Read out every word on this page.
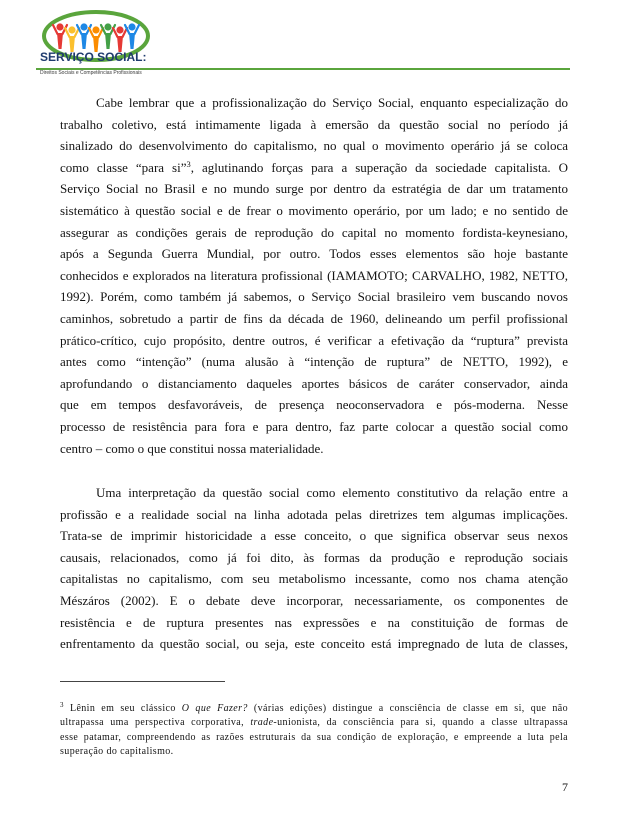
SERVIÇO SOCIAL:
Direitos Sociais e Competências Profissionais
Cabe lembrar que a profissionalização do Serviço Social, enquanto especialização do
trabalho coletivo, está intimamente ligada à emersão da questão social no período já
sinalizado do desenvolvimento do capitalismo, no qual o movimento operário já se coloca
como classe “para si”$^3$, aglutinando forças para a superação da sociedade capitalista. O
Serviço Social no Brasil e no mundo surge por dentro da estratégia de dar um tratamento
sistemático à questão social e de frear o movimento operário, por um lado; e no sentido de
assegurar as condições gerais de reprodução do capital no momento fordista-keynesiano,
após a Segunda Guerra Mundial, por outro. Todos esses elementos são hoje bastante
conhecidos e explorados na literatura profissional (IAMAMOTO; CARVALHO, 1982, NETTO,
1992). Porém, como também já sabemos, o Serviço Social brasileiro vem buscando novos
caminhos, sobretudo a partir de fins da década de 1960, delineando um perfil profissional
prático-crítico, cujo propósito, dentre outros, é verificar a efetivação da “ruptura” prevista
antes como “intenção” (numa alusão à “intenção de ruptura” de NETTO, 1992), e
aprofundando o distanciamento daqueles aportes básicos de caráter conservador, ainda
que em tempos desfavoráveis, de presença neoconservadora e pós-moderna. Nesse
processo de resistência para fora e para dentro, faz parte colocar a questão social como
centro – como o que constitui nossa materialidade.
Uma interpretação da questão social como elemento constitutivo da relação entre a
profissão e a realidade social na linha adotada pelas diretrizes tem algumas implicações.
Trata-se de imprimir historicidade a esse conceito, o que significa observar seus nexos
causais, relacionados, como já foi dito, às formas da produção e reprodução sociais
capitalistas no capitalismo, com seu metabolismo incessante, como nos chama atenção
Mészáros (2002). E o debate deve incorporar, necessariamente, os componentes de
resistência e de ruptura presentes nas expressões e na constituição de formas de
enfrentamento da questão social, ou seja, este conceito está impregnado de luta de classes,
$^3$ Lênin em seu clássico O que Fazer? (várias edições) distingue a consciência de classe em si, que não
ultrapassa uma perspectiva corporativa, trade-unionista, da consciência para si, quando a classe ultrapassa
esse patamar, compreendendo as razões estruturais da sua condição de exploração, e empreende a luta pela
superação do capitalismo.
7
